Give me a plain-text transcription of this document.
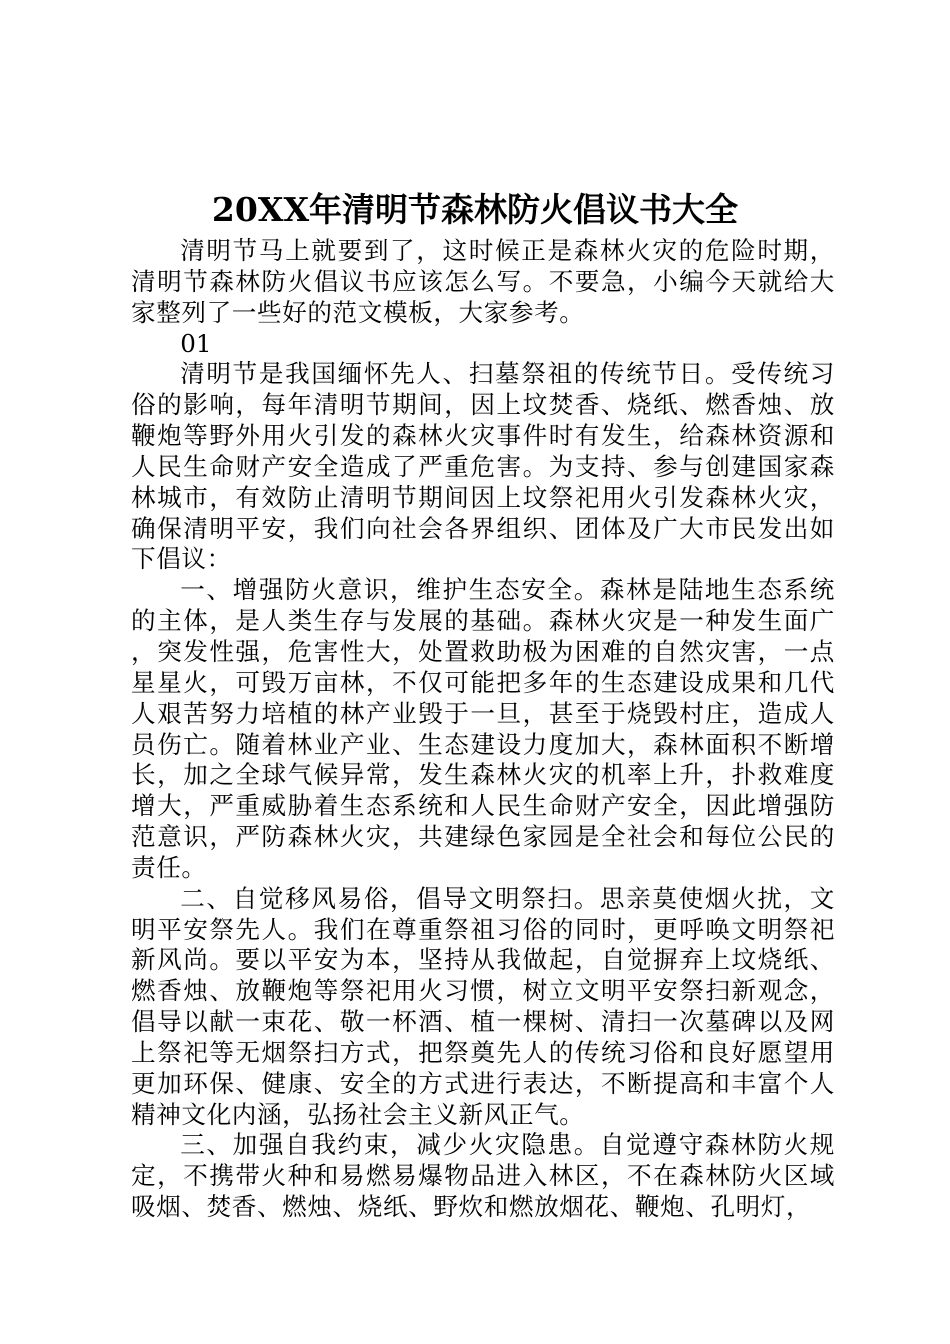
20XX年清明节森林防火倡议书大全

清明节马上就要到了，这时候正是森林火灾的危险时期，清明节森林防火倡议书应该怎么写。不要急，小编今天就给大家整列了一些好的范文模板，大家参考。

01

清明节是我国缅怀先人、扫墓祭祖的传统节日。受传统习俗的影响，每年清明节期间，因上坟焚香、烧纸、燃香烛、放鞭炮等野外用火引发的森林火灾事件时有发生，给森林资源和人民生命财产安全造成了严重危害。为支持、参与创建国家森林城市，有效防止清明节期间因上坟祭祀用火引发森林火灾，确保清明平安，我们向社会各界组织、团体及广大市民发出如下倡议：

一、增强防火意识，维护生态安全。森林是陆地生态系统的主体，是人类生存与发展的基础。森林火灾是一种发生面广，突发性强，危害性大，处置救助极为困难的自然灾害，一点星星火，可毁万亩林，不仅可能把多年的生态建设成果和几代人艰苦努力培植的林产业毁于一旦，甚至于烧毁村庄，造成人员伤亡。随着林业产业、生态建设力度加大，森林面积不断增长，加之全球气候异常，发生森林火灾的机率上升，扑救难度增大，严重威胁着生态系统和人民生命财产安全，因此增强防范意识，严防森林火灾，共建绿色家园是全社会和每位公民的责任。

二、自觉移风易俗，倡导文明祭扫。思亲莫使烟火扰，文明平安祭先人。我们在尊重祭祖习俗的同时，更呼唤文明祭祀新风尚。要以平安为本，坚持从我做起，自觉摒弃上坟烧纸、燃香烛、放鞭炮等祭祀用火习惯，树立文明平安祭扫新观念，倡导以献一束花、敬一杯酒、植一棵树、清扫一次墓碑以及网上祭祀等无烟祭扫方式，把祭奠先人的传统习俗和良好愿望用更加环保、健康、安全的方式进行表达，不断提高和丰富个人精神文化内涵，弘扬社会主义新风正气。

三、加强自我约束，减少火灾隐患。自觉遵守森林防火规定，不携带火种和易燃易爆物品进入林区，不在森林防火区域吸烟、焚香、燃烛、烧纸、野炊和燃放烟花、鞭炮、孔明灯，
